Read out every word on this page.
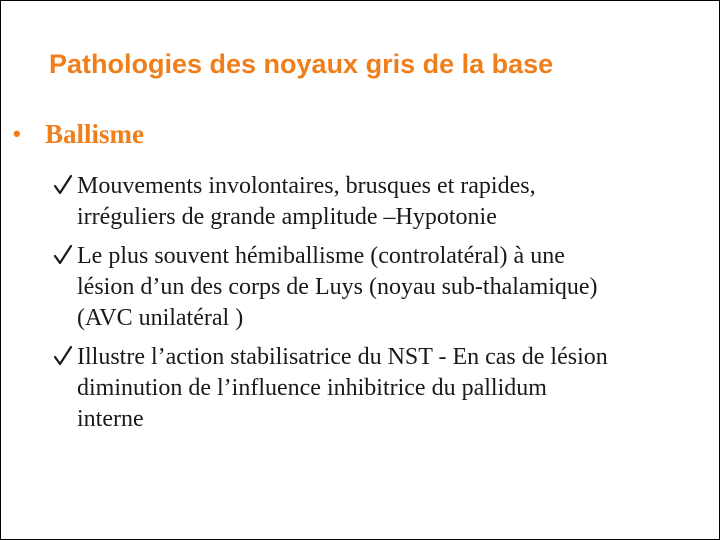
Pathologies des noyaux gris de la base
• Ballisme
Mouvements involontaires, brusques et rapides,
irréguliers de grande amplitude –Hypotonie
Le plus souvent hémiballisme (controlatéral) à une
lésion d’un des corps de Luys (noyau sub-thalamique)
(AVC unilatéral )
Illustre l’action stabilisatrice du NST - En cas de lésion
diminution de l’influence inhibitrice du pallidum
interne
